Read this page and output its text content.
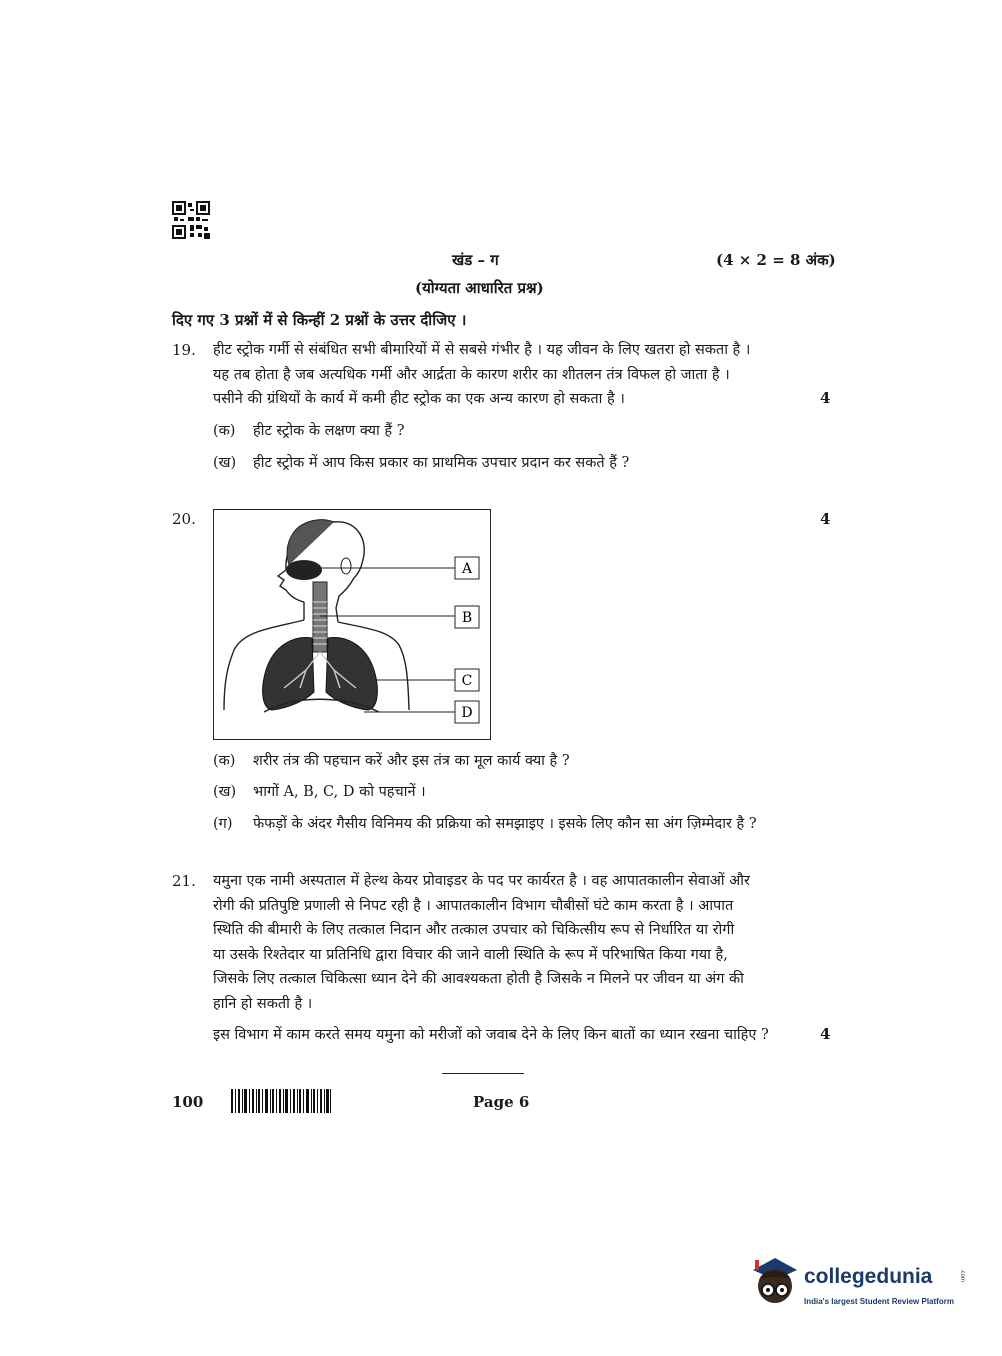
खंड – ग	(4 × 2 = 8 अंक)
(योग्यता आधारित प्रश्न)
दिए गए 3 प्रश्नों में से किन्हीं 2 प्रश्नों के उत्तर दीजिए ।
19. हीट स्ट्रोक गर्मी से संबंधित सभी बीमारियों में से सबसे गंभीर है । यह जीवन के लिए खतरा हो सकता है ।
यह तब होता है जब अत्यधिक गर्मी और आर्द्रता के कारण शरीर का शीतलन तंत्र विफल हो जाता है ।
पसीने की ग्रंथियों के कार्य में कमी हीट स्ट्रोक का एक अन्य कारण हो सकता है ।	4
(क) हीट स्ट्रोक के लक्षण क्या हैं ?
(ख) हीट स्ट्रोक में आप किस प्रकार का प्राथमिक उपचार प्रदान कर सकते हैं ?
20.	4
A
B
C
D
(क) शरीर तंत्र की पहचान करें और इस तंत्र का मूल कार्य क्या है ?
(ख) भागों A, B, C, D को पहचानें ।
(ग) फेफड़ों के अंदर गैसीय विनिमय की प्रक्रिया को समझाइए । इसके लिए कौन सा अंग ज़िम्मेदार है ?
21. यमुना एक नामी अस्पताल में हेल्थ केयर प्रोवाइडर के पद पर कार्यरत है । वह आपातकालीन सेवाओं और
रोगी की प्रतिपुष्टि प्रणाली से निपट रही है । आपातकालीन विभाग चौबीसों घंटे काम करता है । आपात
स्थिति की बीमारी के लिए तत्काल निदान और तत्काल उपचार को चिकित्सीय रूप से निर्धारित या रोगी
या उसके रिश्तेदार या प्रतिनिधि द्वारा विचार की जाने वाली स्थिति के रूप में परिभाषित किया गया है,
जिसके लिए तत्काल चिकित्सा ध्यान देने की आवश्यकता होती है जिसके न मिलने पर जीवन या अंग की
हानि हो सकती है ।
इस विभाग में काम करते समय यमुना को मरीजों को जवाब देने के लिए किन बातों का ध्यान रखना चाहिए ?	4
100	Page 6
collegedunia	.com
India's largest Student Review Platform
